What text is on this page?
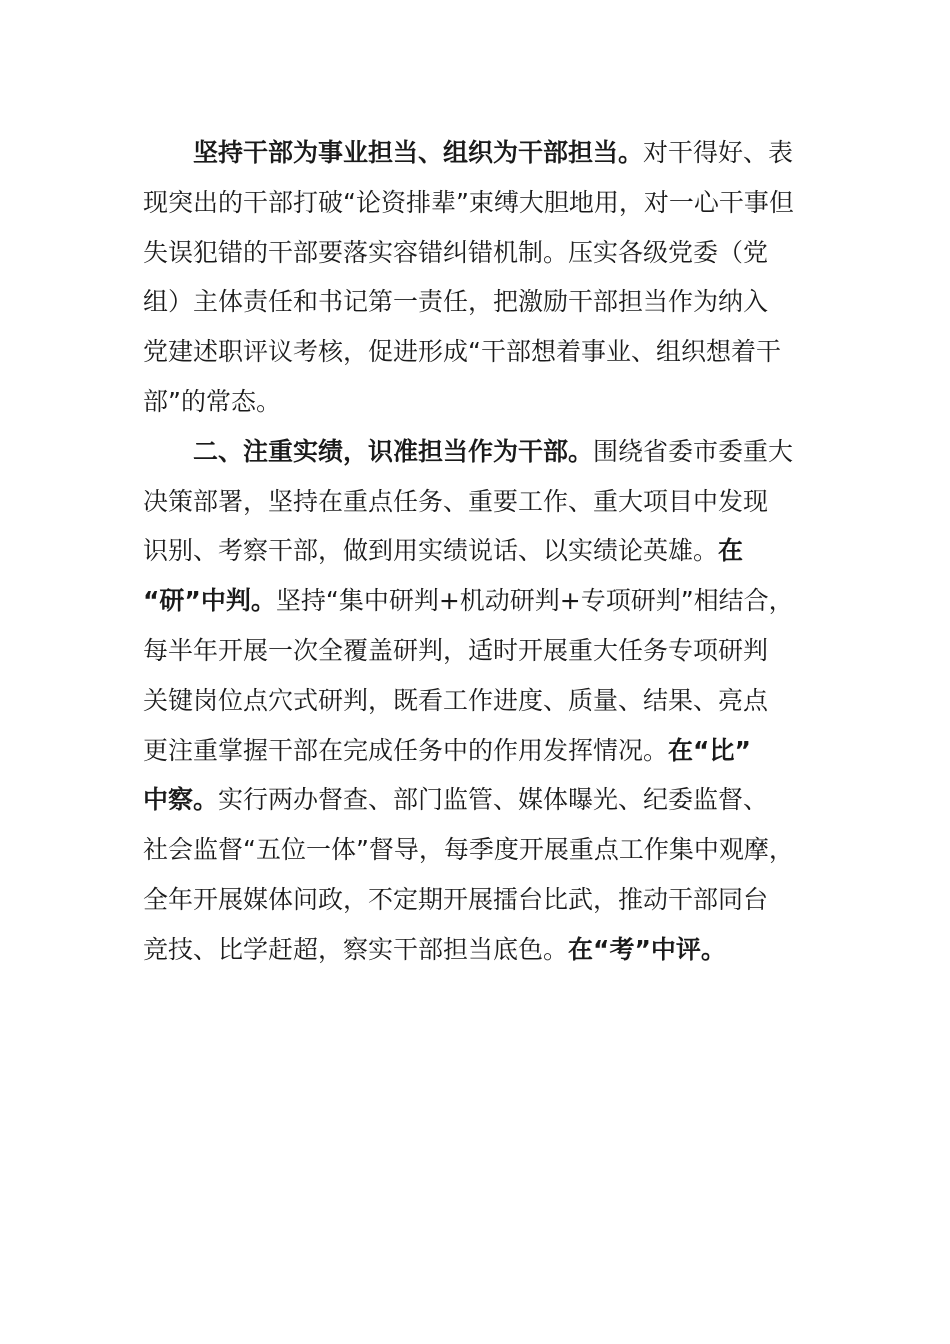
　　坚持干部为事业担当、组织为干部担当。对干得好、表
现突出的干部打破“论资排辈”束缚大胆地用，对一心干事但
失误犯错的干部要落实容错纠错机制。压实各级党委（党
组）主体责任和书记第一责任，把激励干部担当作为纳入
党建述职评议考核，促进形成“干部想着事业、组织想着干
部”的常态。
　　二、注重实绩，识准担当作为干部。围绕省委市委重大
决策部署，坚持在重点任务、重要工作、重大项目中发现
识别、考察干部，做到用实绩说话、以实绩论英雄。在
“研”中判。坚持“集中研判+机动研判+专项研判”相结合，
每半年开展一次全覆盖研判，适时开展重大任务专项研判
关键岗位点穴式研判，既看工作进度、质量、结果、亮点
更注重掌握干部在完成任务中的作用发挥情况。在“比”
中察。实行两办督查、部门监管、媒体曝光、纪委监督、
社会监督“五位一体”督导，每季度开展重点工作集中观摩，
全年开展媒体问政，不定期开展擂台比武，推动干部同台
竞技、比学赶超，察实干部担当底色。在“考”中评。
